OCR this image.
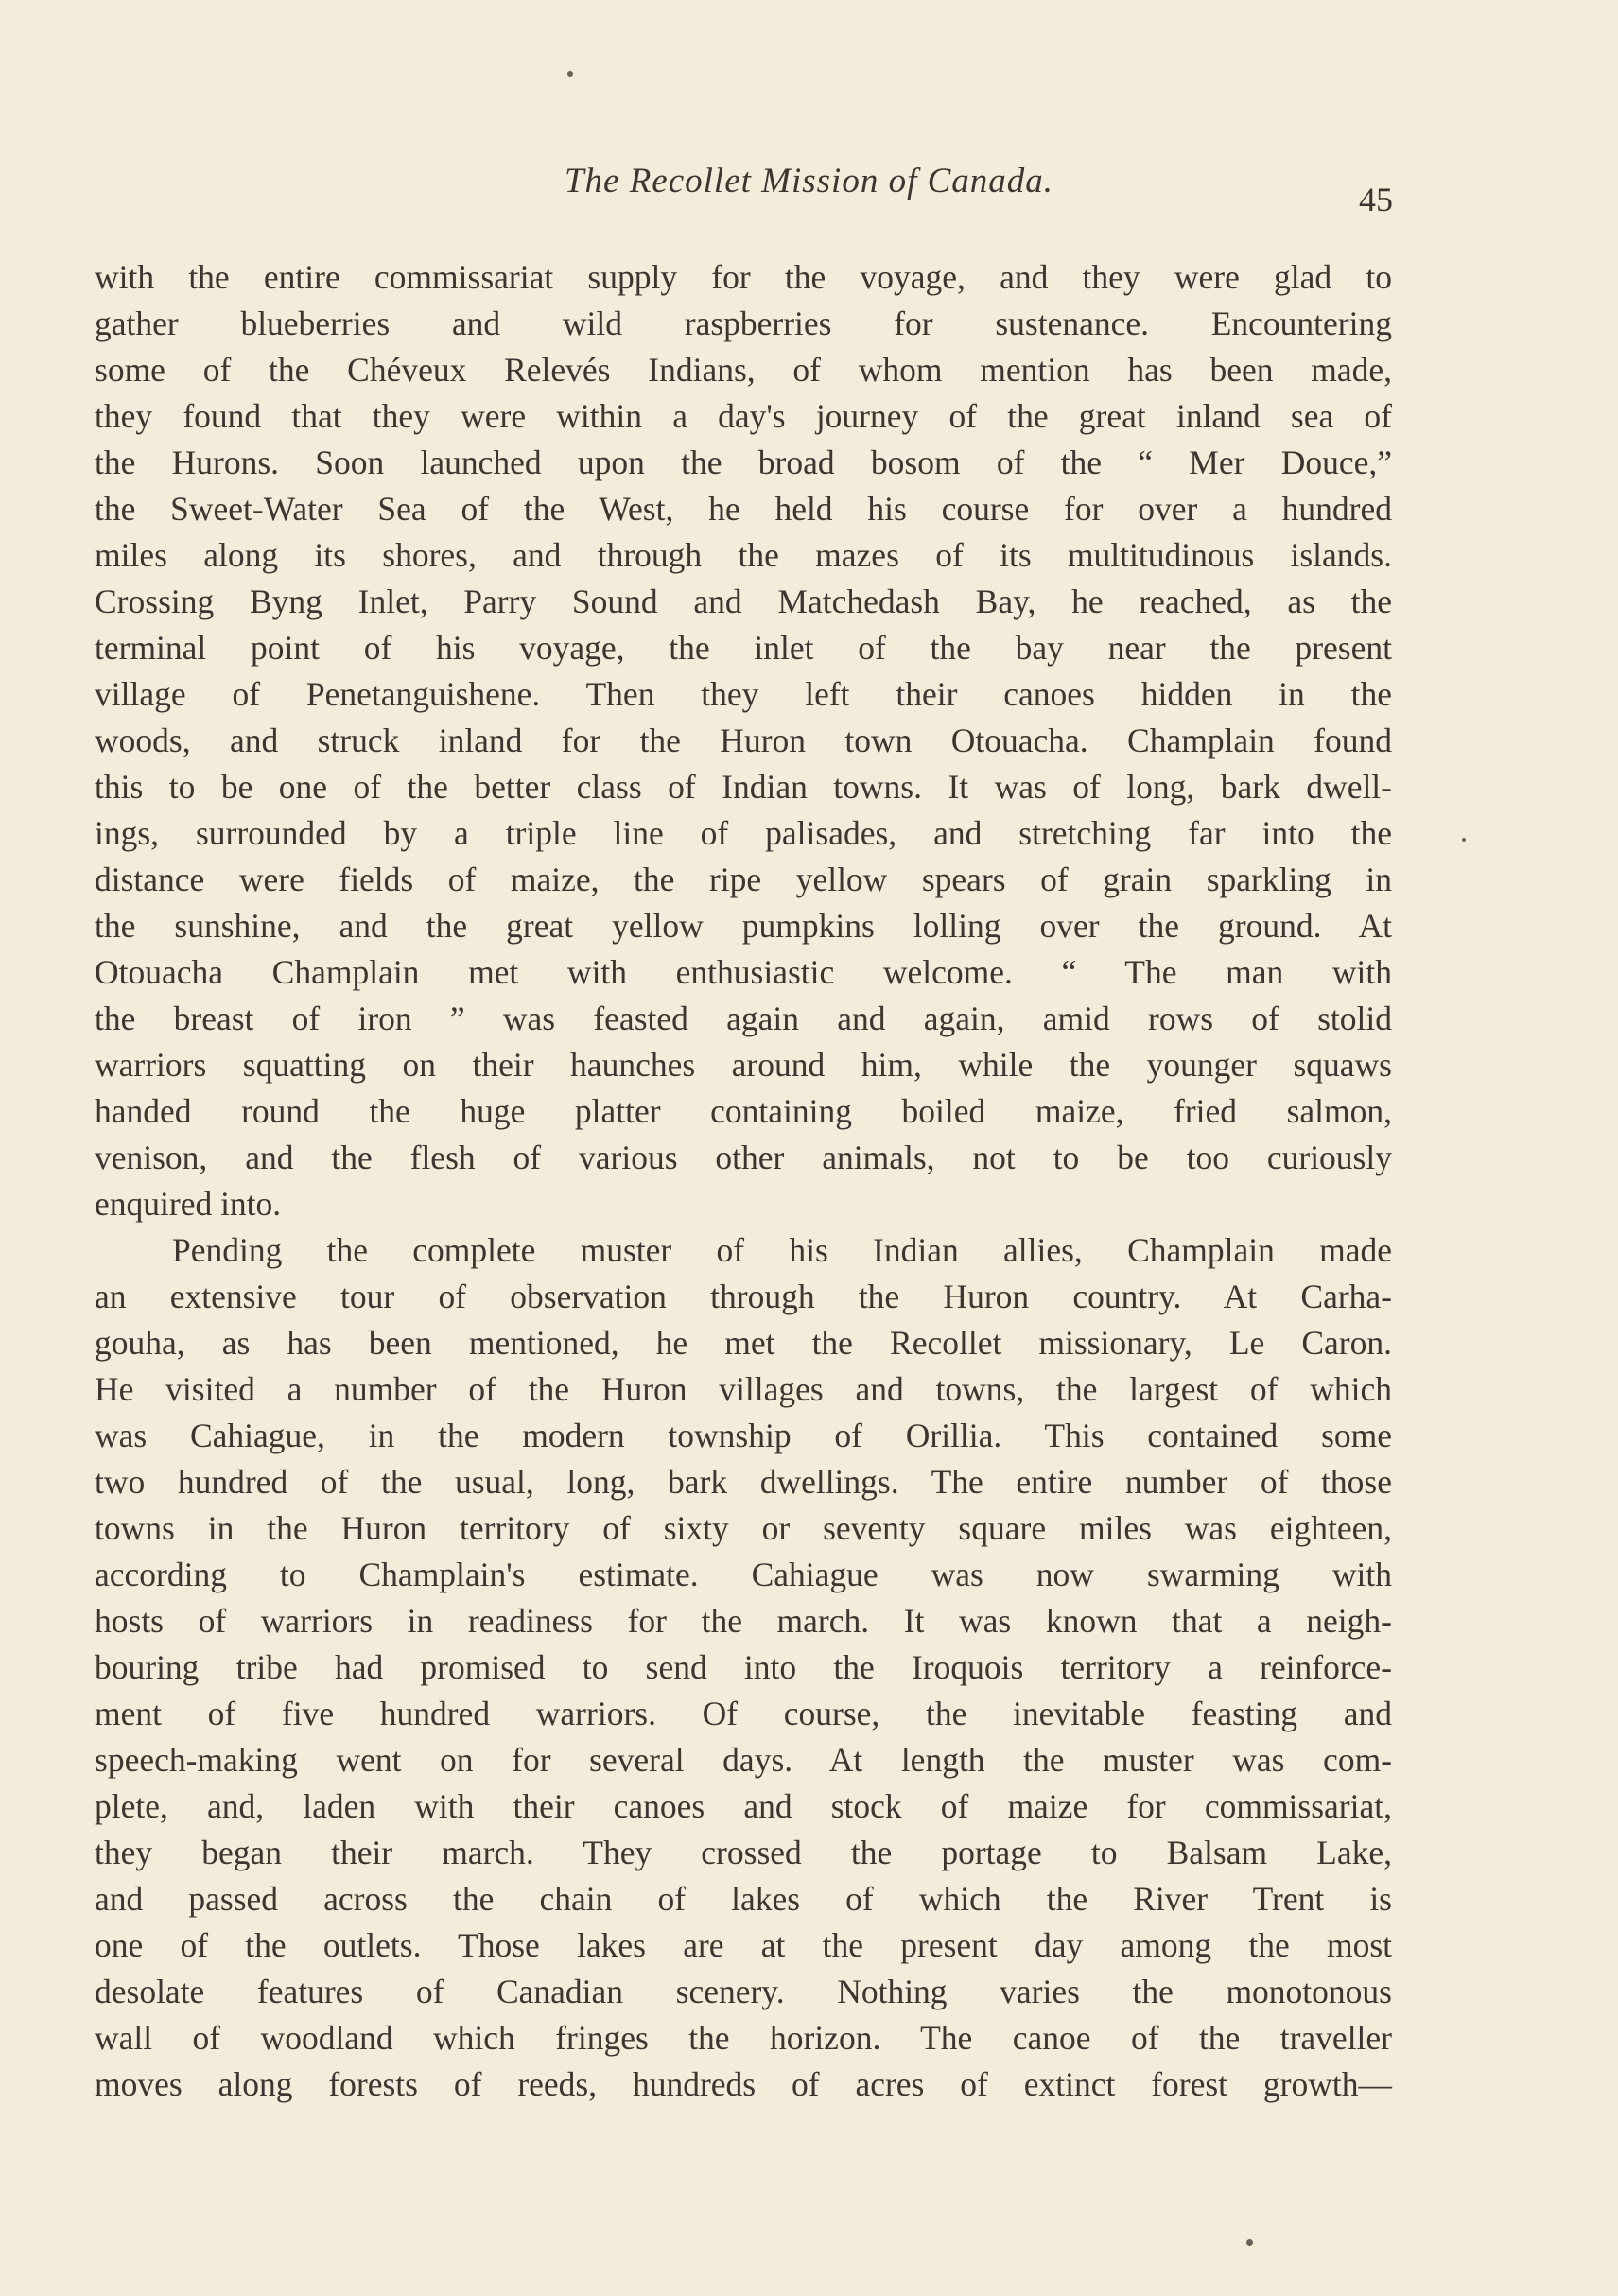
The Recollet Mission of Canada.	45
with the entire commissariat supply for the voyage, and they were glad to
gather blueberries and wild raspberries for sustenance. Encountering
some of the Chéveux Relevés Indians, of whom mention has been made,
they found that they were within a day's journey of the great inland sea of
the Hurons. Soon launched upon the broad bosom of the “ Mer Douce,”
the Sweet-Water Sea of the West, he held his course for over a hundred
miles along its shores, and through the mazes of its multitudinous islands.
Crossing Byng Inlet, Parry Sound and Matchedash Bay, he reached, as the
terminal point of his voyage, the inlet of the bay near the present
village of Penetanguishene. Then they left their canoes hidden in the
woods, and struck inland for the Huron town Otouacha. Champlain found
this to be one of the better class of Indian towns. It was of long, bark dwell-
ings, surrounded by a triple line of palisades, and stretching far into the
distance were fields of maize, the ripe yellow spears of grain sparkling in
the sunshine, and the great yellow pumpkins lolling over the ground. At
Otouacha Champlain met with enthusiastic welcome. “ The man with
the breast of iron ” was feasted again and again, amid rows of stolid
warriors squatting on their haunches around him, while the younger squaws
handed round the huge platter containing boiled maize, fried salmon,
venison, and the flesh of various other animals, not to be too curiously
enquired into.
Pending the complete muster of his Indian allies, Champlain made
an extensive tour of observation through the Huron country. At Carha-
gouha, as has been mentioned, he met the Recollet missionary, Le Caron.
He visited a number of the Huron villages and towns, the largest of which
was Cahiague, in the modern township of Orillia. This contained some
two hundred of the usual, long, bark dwellings. The entire number of those
towns in the Huron territory of sixty or seventy square miles was eighteen,
according to Champlain's estimate. Cahiague was now swarming with
hosts of warriors in readiness for the march. It was known that a neigh-
bouring tribe had promised to send into the Iroquois territory a reinforce-
ment of five hundred warriors. Of course, the inevitable feasting and
speech-making went on for several days. At length the muster was com-
plete, and, laden with their canoes and stock of maize for commissariat,
they began their march. They crossed the portage to Balsam Lake,
and passed across the chain of lakes of which the River Trent is
one of the outlets. Those lakes are at the present day among the most
desolate features of Canadian scenery. Nothing varies the monotonous
wall of woodland which fringes the horizon. The canoe of the traveller
moves along forests of reeds, hundreds of acres of extinct forest growth—
